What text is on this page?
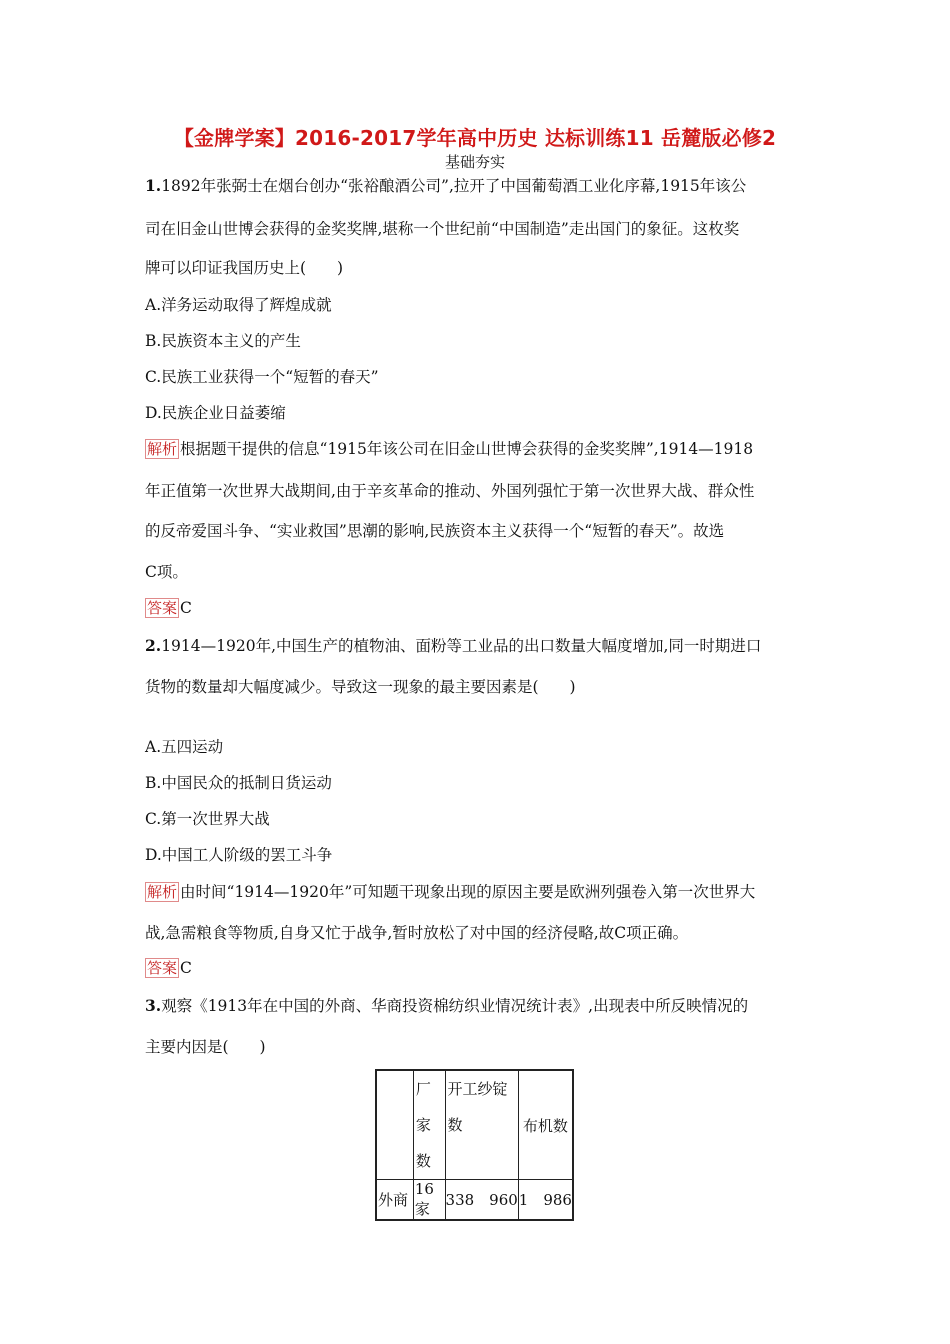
【金牌学案】2016-2017学年高中历史 达标训练11 岳麓版必修2
基础夯实
1.1892年张弼士在烟台创办“张裕酿酒公司”,拉开了中国葡萄酒工业化序幕,1915年该公
司在旧金山世博会获得的金奖奖牌,堪称一个世纪前“中国制造”走出国门的象征。这枚奖
牌可以印证我国历史上(　　)
A.洋务运动取得了辉煌成就
B.民族资本主义的产生
C.民族工业获得一个“短暂的春天”
D.民族企业日益萎缩
解析 根据题干提供的信息“1915年该公司在旧金山世博会获得的金奖奖牌”,1914—1918
年正值第一次世界大战期间,由于辛亥革命的推动、外国列强忙于第一次世界大战、群众性
的反帝爱国斗争、“实业救国”思潮的影响,民族资本主义获得一个“短暂的春天”。故选
C项。
答案 C
2.1914—1920年,中国生产的植物油、面粉等工业品的出口数量大幅度增加,同一时期进口
货物的数量却大幅度减少。导致这一现象的最主要因素是(　　)
A.五四运动
B.中国民众的抵制日货运动
C.第一次世界大战
D.中国工人阶级的罢工斗争
解析 由时间“1914—1920年”可知题干现象出现的原因主要是欧洲列强卷入第一次世界大
战,急需粮食等物质,自身又忙于战争,暂时放松了对中国的经济侵略,故C项正确。
答案 C
3.观察《1913年在中国的外商、华商投资棉纺织业情况统计表》,出现表中所反映情况的
主要内因是(　　)

	厂家数	开工纱锭数	布机数
外商	16家	338　960	1　986
